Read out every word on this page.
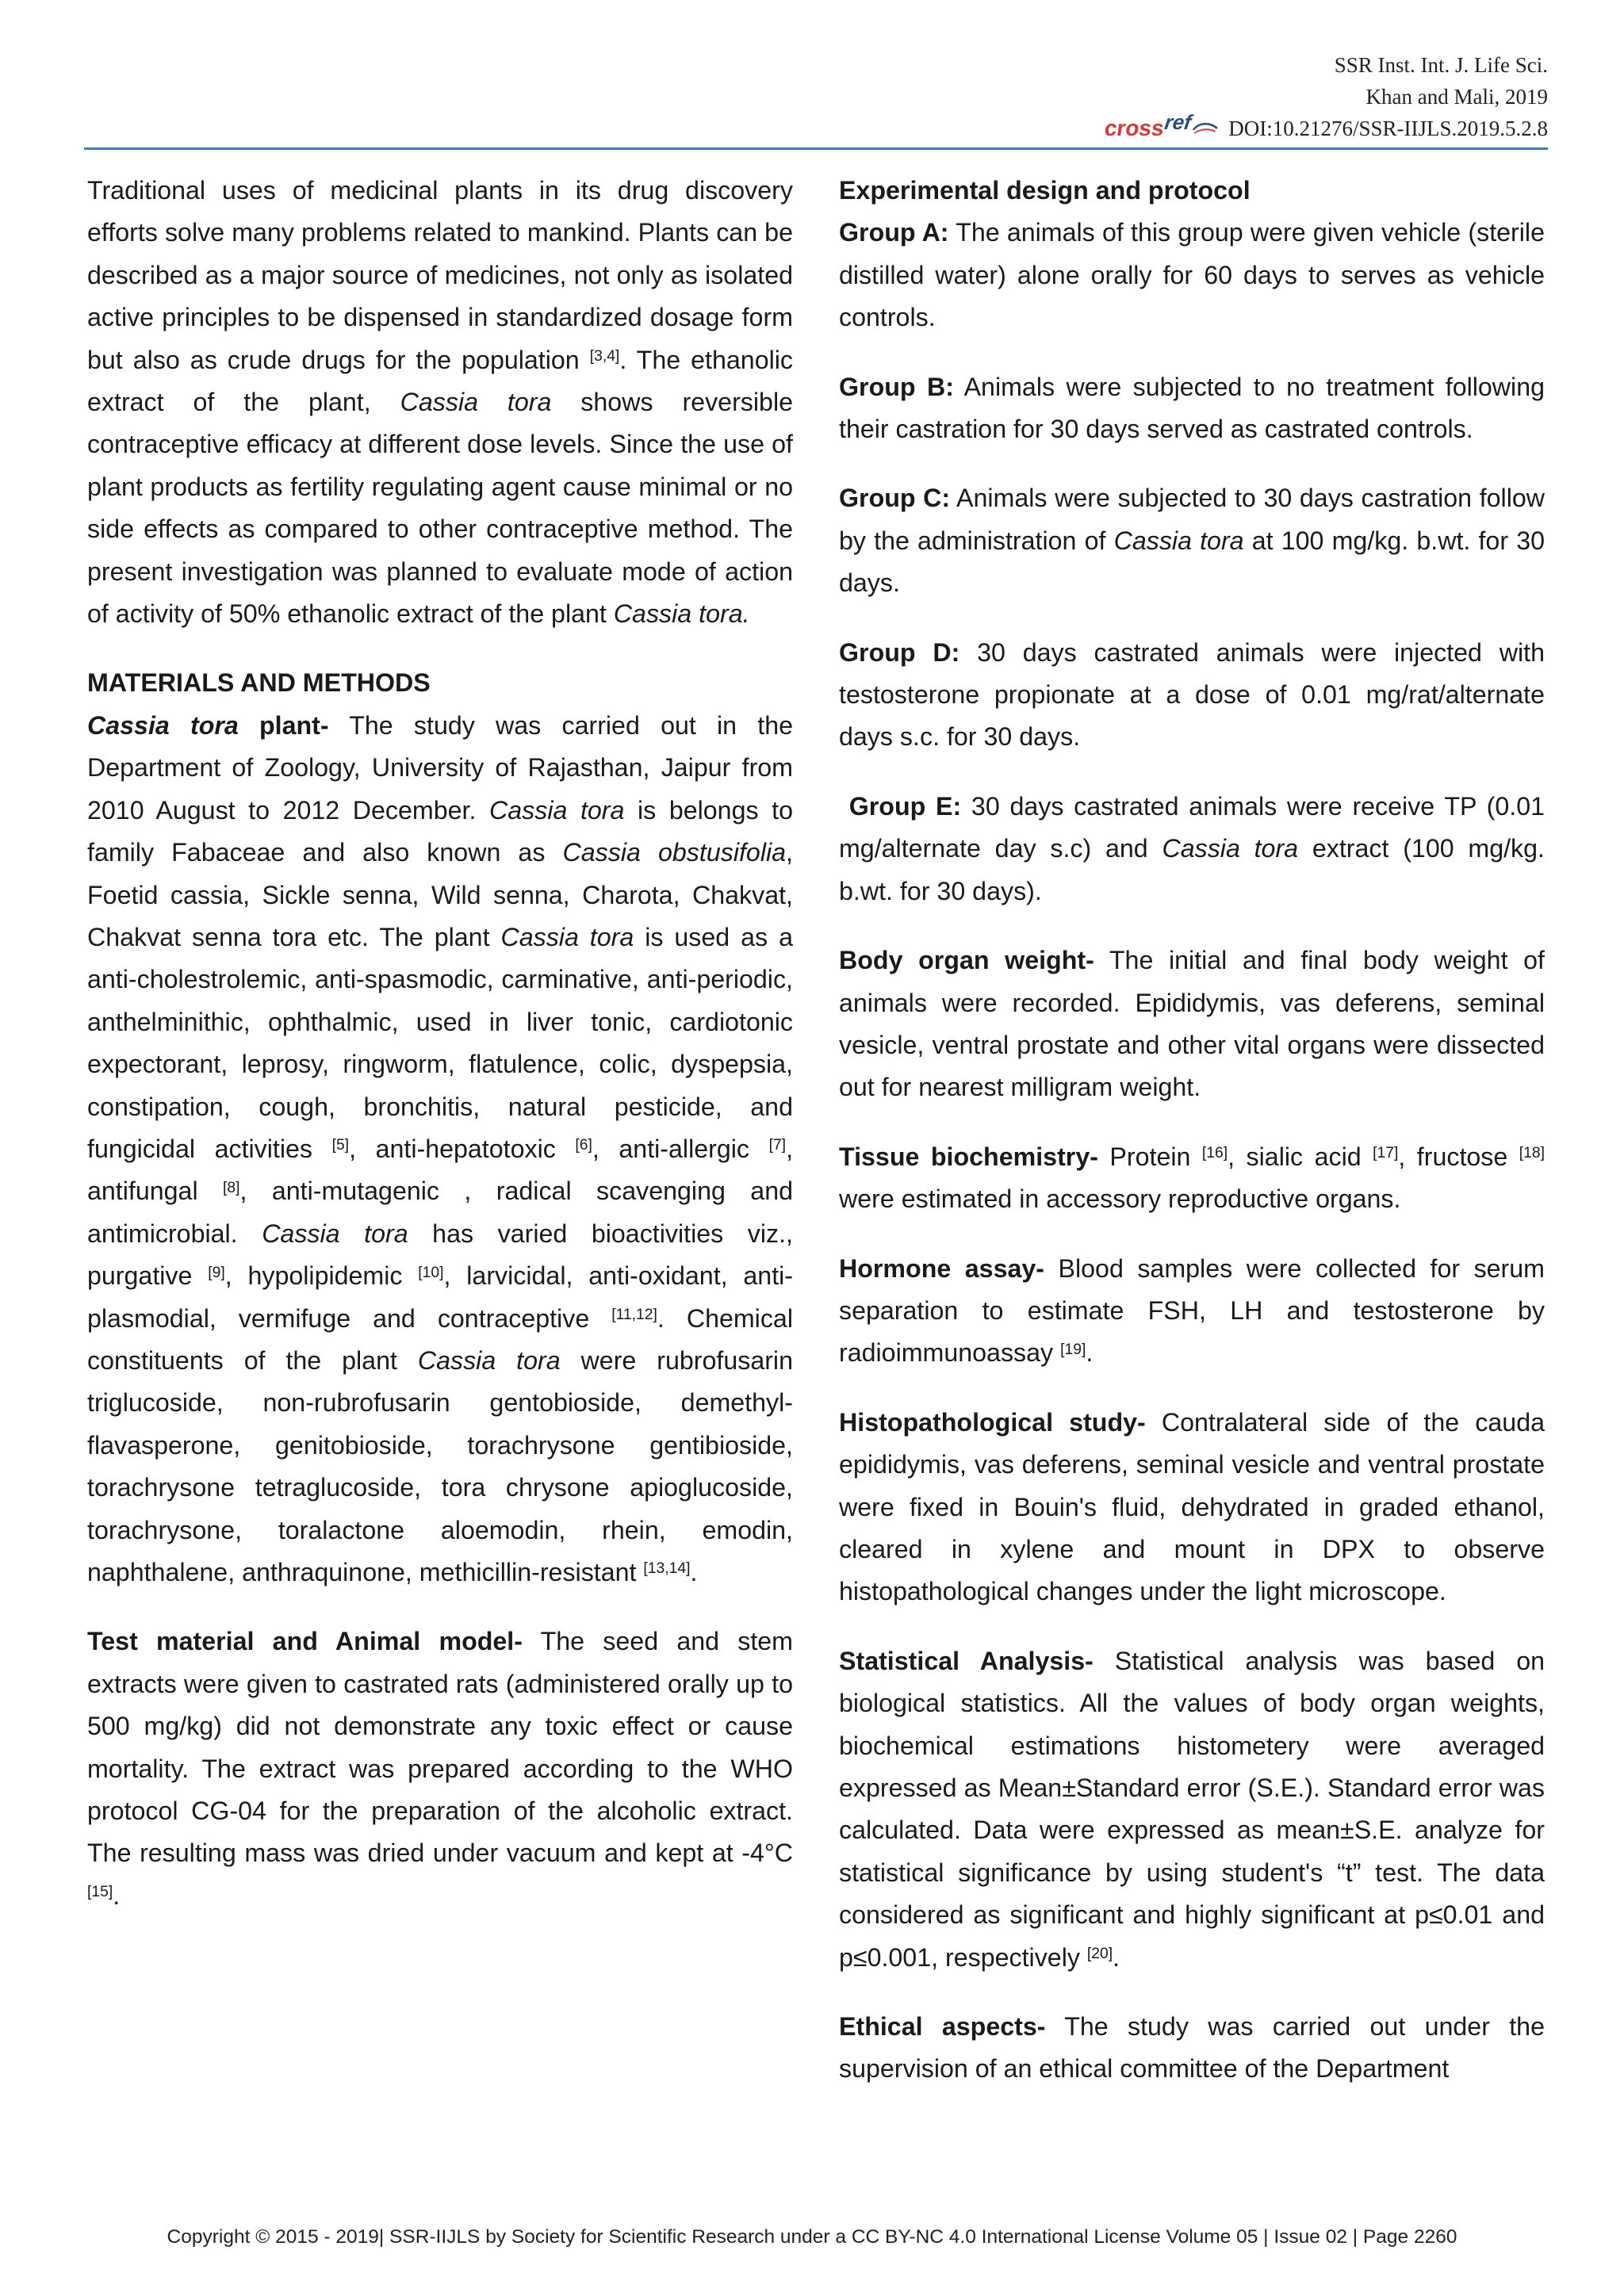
SSR Inst. Int. J. Life Sci.
Khan and Mali, 2019
cross
ref DOI:10.21276/SSR-IIJLS.2019.5.2.8

Traditional uses of medicinal plants in its drug discovery efforts solve many problems related to mankind. Plants can be described as a major source of medicines, not only as isolated active principles to be dispensed in standardized dosage form but also as crude drugs for the population [3,4]. The ethanolic extract of the plant, Cassia tora shows reversible contraceptive efficacy at different dose levels. Since the use of plant products as fertility regulating agent cause minimal or no side effects as compared to other contraceptive method. The present investigation was planned to evaluate mode of action of activity of 50% ethanolic extract of the plant Cassia tora.

MATERIALS AND METHODS

Cassia tora plant- The study was carried out in the Department of Zoology, University of Rajasthan, Jaipur from 2010 August to 2012 December. Cassia tora is belongs to family Fabaceae and also known as Cassia obstusifolia, Foetid cassia, Sickle senna, Wild senna, Charota, Chakvat, Chakvat senna tora etc. The plant Cassia tora is used as a anti-cholestrolemic, anti-spasmodic, carminative, anti-periodic, anthelminithic, ophthalmic, used in liver tonic, cardiotonic expectorant, leprosy, ringworm, flatulence, colic, dyspepsia, constipation, cough, bronchitis, natural pesticide, and fungicidal activities [5], anti-hepatotoxic [6], anti-allergic [7], antifungal [8], anti-mutagenic , radical scavenging and antimicrobial. Cassia tora has varied bioactivities viz., purgative [9], hypolipidemic [10], larvicidal, anti-oxidant, anti-plasmodial, vermifuge and contraceptive [11,12]. Chemical constituents of the plant Cassia tora were rubrofusarin triglucoside, non-rubrofusarin gentobioside, demethyl-flavasperone, genitobioside, torachrysone gentibioside, torachrysone tetraglucoside, tora chrysone apioglucoside, torachrysone, toralactone aloemodin, rhein, emodin, naphthalene, anthraquinone, methicillin-resistant [13,14].

Test material and Animal model- The seed and stem extracts were given to castrated rats (administered orally up to 500 mg/kg) did not demonstrate any toxic effect or cause mortality. The extract was prepared according to the WHO protocol CG-04 for the preparation of the alcoholic extract. The resulting mass was dried under vacuum and kept at -4°C [15].

Experimental design and protocol

Group A: The animals of this group were given vehicle (sterile distilled water) alone orally for 60 days to serves as vehicle controls.

Group B: Animals were subjected to no treatment following their castration for 30 days served as castrated controls.

Group C: Animals were subjected to 30 days castration follow by the administration of Cassia tora at 100 mg/kg. b.wt. for 30 days.

Group D: 30 days castrated animals were injected with testosterone propionate at a dose of 0.01 mg/rat/alternate days s.c. for 30 days.

Group E: 30 days castrated animals were receive TP (0.01 mg/alternate day s.c) and Cassia tora extract (100 mg/kg. b.wt. for 30 days).

Body organ weight- The initial and final body weight of animals were recorded. Epididymis, vas deferens, seminal vesicle, ventral prostate and other vital organs were dissected out for nearest milligram weight.

Tissue biochemistry- Protein [16], sialic acid [17], fructose [18] were estimated in accessory reproductive organs.

Hormone assay- Blood samples were collected for serum separation to estimate FSH, LH and testosterone by radioimmunoassay [19].

Histopathological study- Contralateral side of the cauda epididymis, vas deferens, seminal vesicle and ventral prostate were fixed in Bouin's fluid, dehydrated in graded ethanol, cleared in xylene and mount in DPX to observe histopathological changes under the light microscope.

Statistical Analysis- Statistical analysis was based on biological statistics. All the values of body organ weights, biochemical estimations histometery were averaged expressed as Mean±Standard error (S.E.). Standard error was calculated. Data were expressed as mean±S.E. analyze for statistical significance by using student's “t” test. The data considered as significant and highly significant at p≤0.01 and p≤0.001, respectively [20].

Ethical aspects- The study was carried out under the supervision of an ethical committee of the Department

Copyright © 2015 - 2019| SSR-IIJLS by Society for Scientific Research under a CC BY-NC 4.0 International License Volume 05 | Issue 02 | Page 2260
